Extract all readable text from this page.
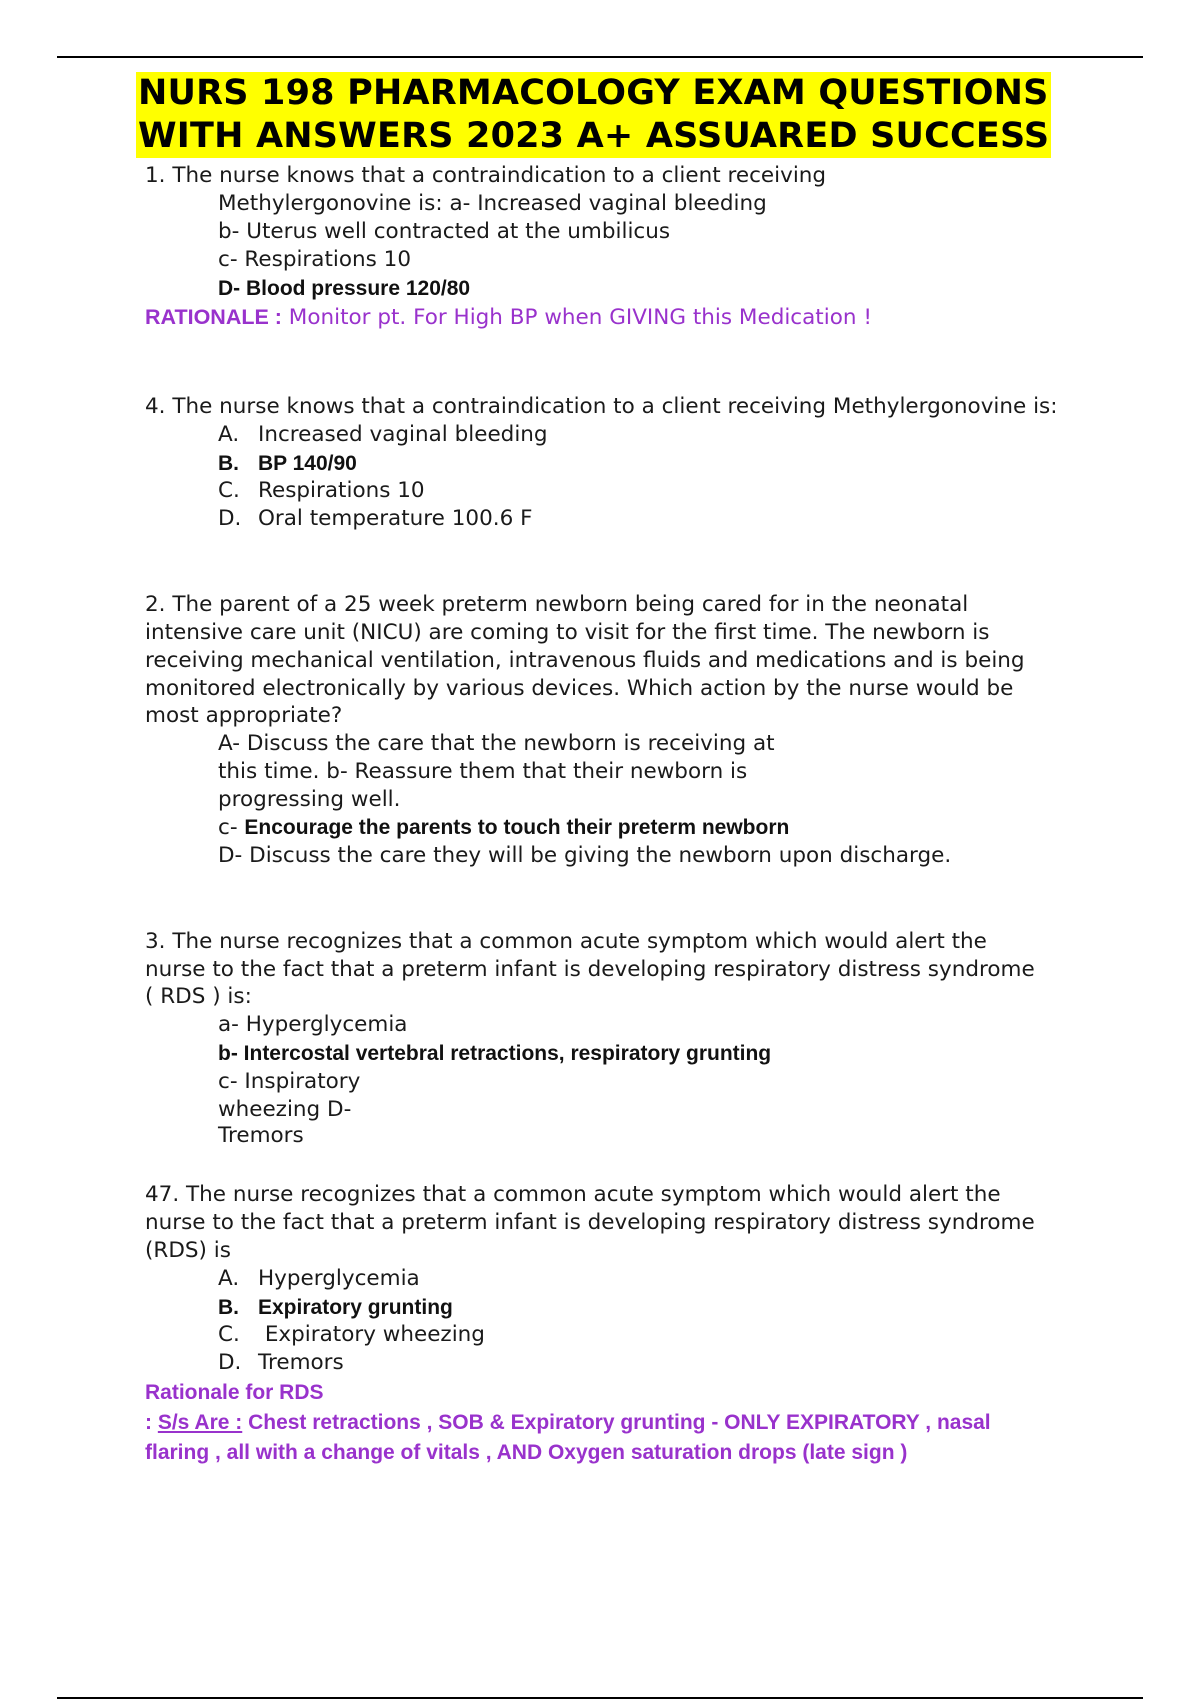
NURS 198 PHARMACOLOGY EXAM QUESTIONS
WITH ANSWERS 2023 A+ ASSUARED SUCCESS

1. The nurse knows that a contraindication to a client receiving

Methylergonovine is: a- Increased vaginal bleeding

b- Uterus well contracted at the umbilicus

c- Respirations 10

D- Blood pressure 120/80

RATIONALE : Monitor pt. For High BP when GIVING this Medication !

4. The nurse knows that a contraindication to a client receiving Methylergonovine is:

A. Increased vaginal bleeding

B. BP 140/90

C. Respirations 10

D. Oral temperature 100.6 F

2. The parent of a 25 week preterm newborn being cared for in the neonatal

intensive care unit (NICU) are coming to visit for the first time. The newborn is

receiving mechanical ventilation, intravenous fluids and medications and is being

monitored electronically by various devices. Which action by the nurse would be

most appropriate?

A- Discuss the care that the newborn is receiving at

this time. b- Reassure them that their newborn is

progressing well.

c- Encourage the parents to touch their preterm newborn

D- Discuss the care they will be giving the newborn upon discharge.

3. The nurse recognizes that a common acute symptom which would alert the

nurse to the fact that a preterm infant is developing respiratory distress syndrome

( RDS ) is:

a- Hyperglycemia

b- Intercostal vertebral retractions, respiratory grunting

c- Inspiratory

wheezing D-

Tremors

47. The nurse recognizes that a common acute symptom which would alert the

nurse to the fact that a preterm infant is developing respiratory distress syndrome

(RDS) is

A. Hyperglycemia

B. Expiratory grunting

C. Expiratory wheezing

D. Tremors

Rationale for RDS

: S/s Are : Chest retractions , SOB & Expiratory grunting - ONLY EXPIRATORY , nasal

flaring , all with a change of vitals , AND Oxygen saturation drops (late sign )
